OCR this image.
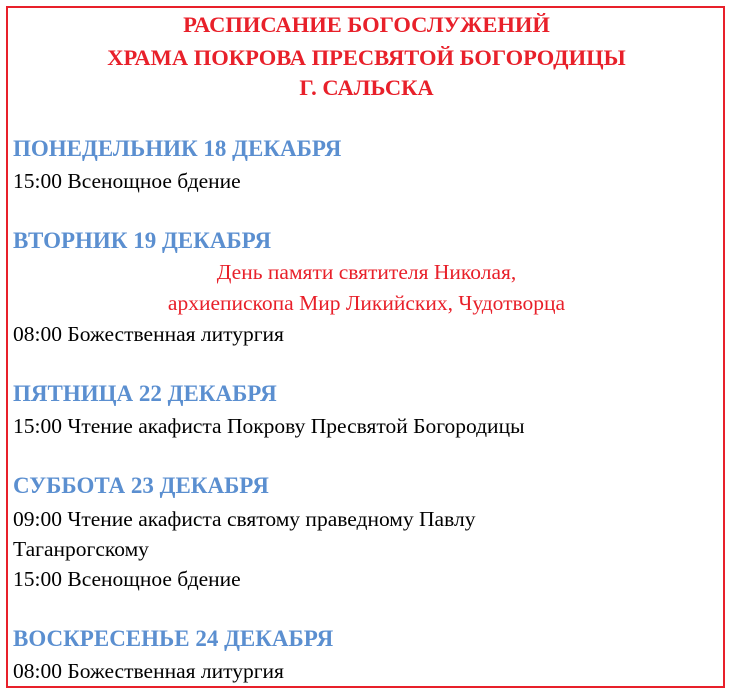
РАСПИСАНИЕ БОГОСЛУЖЕНИЙ
ХРАМА ПОКРОВА ПРЕСВЯТОЙ БОГОРОДИЦЫ
Г. САЛЬСКА
ПОНЕДЕЛЬНИК 18 ДЕКАБРЯ
15:00 Всенощное бдение
ВТОРНИК 19 ДЕКАБРЯ
День памяти святителя Николая,
архиепископа Мир Ликийских, Чудотворца
08:00 Божественная литургия
ПЯТНИЦА 22 ДЕКАБРЯ
15:00 Чтение акафиста Покрову Пресвятой Богородицы
СУББОТА 23 ДЕКАБРЯ
09:00 Чтение акафиста святому праведному Павлу
Таганрогскому
15:00 Всенощное бдение
ВОСКРЕСЕНЬЕ 24 ДЕКАБРЯ
08:00 Божественная литургия
